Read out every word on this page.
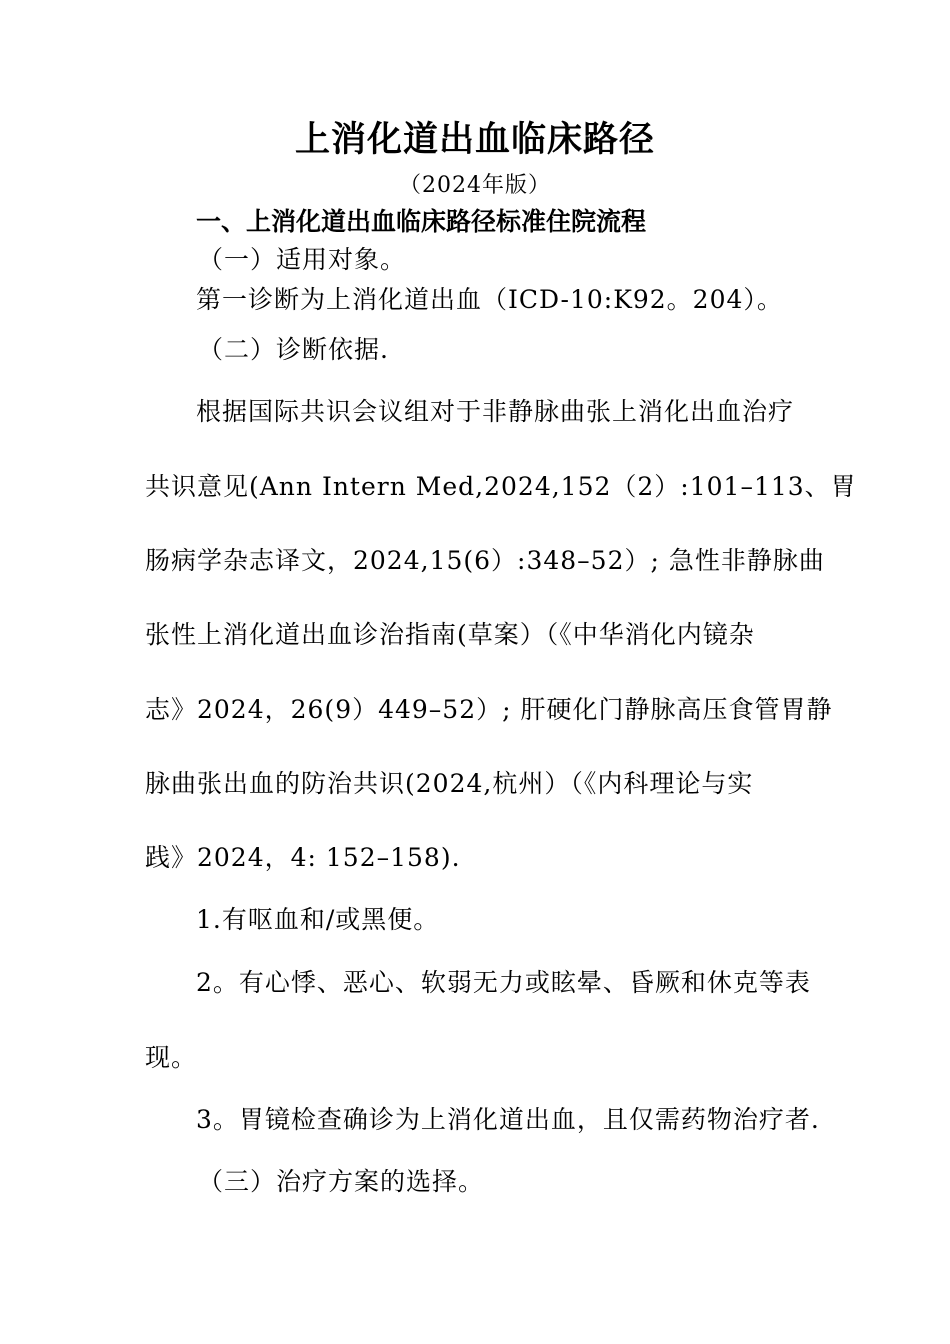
上消化道出血临床路径
（2024年版）
一、上消化道出血临床路径标准住院流程
（一）适用对象。
第一诊断为上消化道出血（ICD-10:K92。204）。
（二）诊断依据.
根据国际共识会议组对于非静脉曲张上消化出血治疗
共识意见(Ann Intern Med,2024,152（2）:101–113、胃
肠病学杂志译文，2024,15(6）:348–52）; 急性非静脉曲
张性上消化道出血诊治指南(草案）（《中华消化内镜杂
志》2024，26(9）449–52）; 肝硬化门静脉高压食管胃静
脉曲张出血的防治共识(2024,杭州）（《内科理论与实
践》2024，4: 152–158).
1.有呕血和/或黑便。
2。有心悸、恶心、软弱无力或眩晕、昏厥和休克等表
现。
3。胃镜检查确诊为上消化道出血，且仅需药物治疗者.
（三）治疗方案的选择。
